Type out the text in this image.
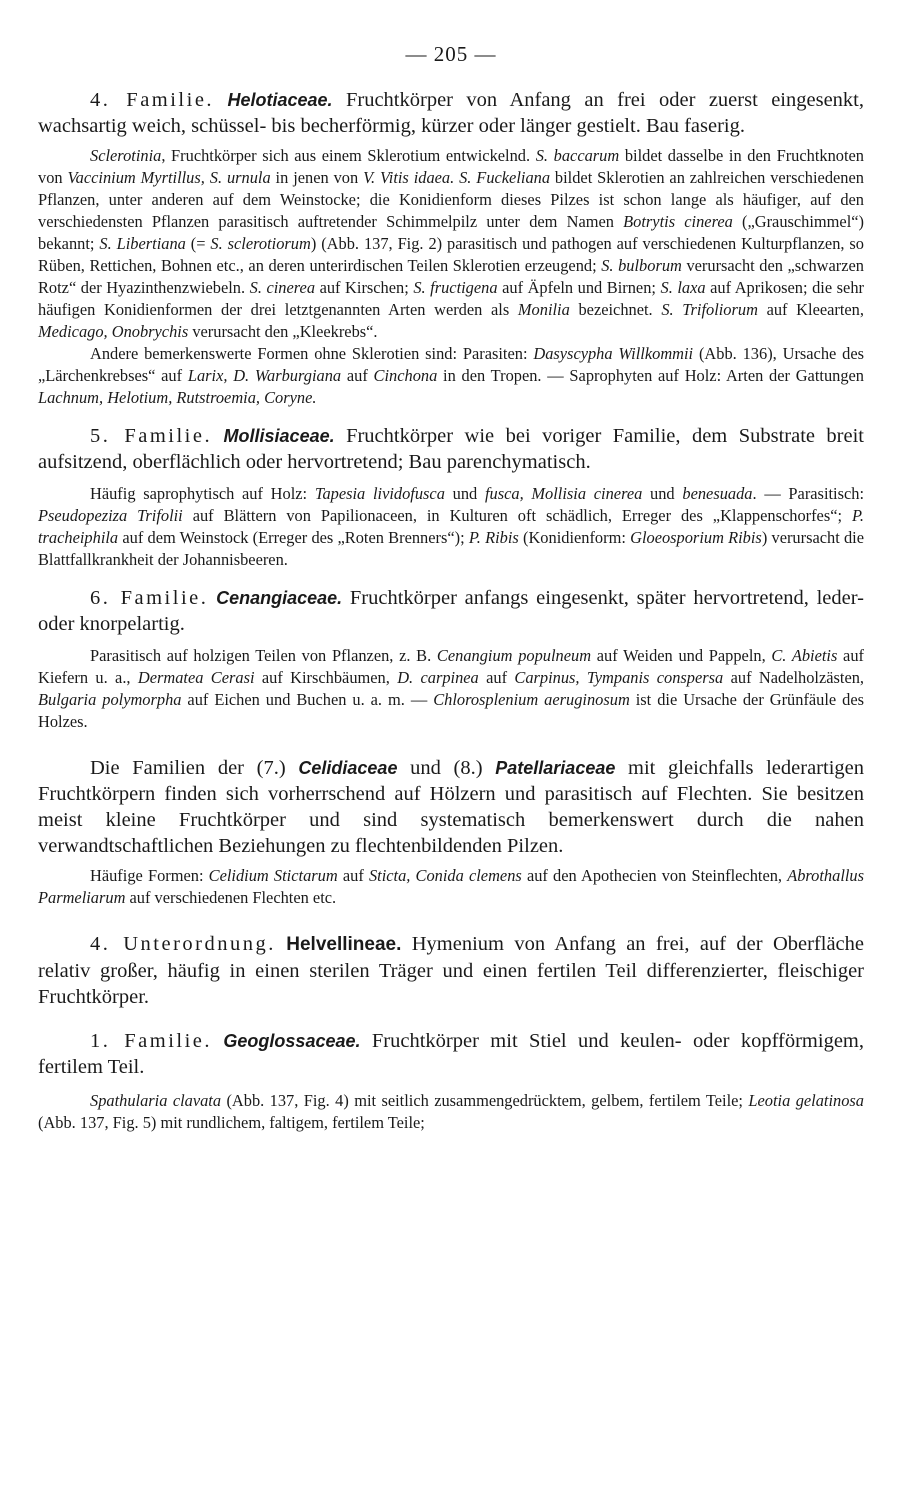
— 205 —

4. Familie. Helotiaceae. Fruchtkörper von Anfang an frei oder zuerst eingesenkt, wachsartig weich, schüssel- bis becherförmig, kürzer oder länger gestielt. Bau faserig.

Sclerotinia, Fruchtkörper sich aus einem Sklerotium entwickelnd. S. baccarum bildet dasselbe in den Fruchtknoten von Vaccinium Myrtillus, S. urnula in jenen von V. Vitis idaea. S. Fuckeliana bildet Sklerotien an zahlreichen verschiedenen Pflanzen, unter anderen auf dem Weinstocke; die Konidienform dieses Pilzes ist schon lange als häufiger, auf den verschiedensten Pflanzen parasitisch auftretender Schimmelpilz unter dem Namen Botrytis cinerea („Grauschimmel“) bekannt; S. Libertiana (= S. sclerotiorum) (Abb. 137, Fig. 2) parasitisch und pathogen auf verschiedenen Kulturpflanzen, so Rüben, Rettichen, Bohnen etc., an deren unterirdischen Teilen Sklerotien erzeugend; S. bulborum verursacht den „schwarzen Rotz“ der Hyazinthenzwiebeln. S. cinerea auf Kirschen; S. fructigena auf Äpfeln und Birnen; S. laxa auf Aprikosen; die sehr häufigen Konidienformen der drei letztgenannten Arten werden als Monilia bezeichnet. S. Trifoliorum auf Kleearten, Medicago, Onobrychis verursacht den „Kleekrebs“.

Andere bemerkenswerte Formen ohne Sklerotien sind: Parasiten: Dasyscypha Willkommii (Abb. 136), Ursache des „Lärchenkrebses“ auf Larix, D. Warburgiana auf Cinchona in den Tropen. — Saprophyten auf Holz: Arten der Gattungen Lachnum, Helotium, Rutstroemia, Coryne.

5. Familie. Mollisiaceae. Fruchtkörper wie bei voriger Familie, dem Substrate breit aufsitzend, oberflächlich oder hervortretend; Bau parenchymatisch.

Häufig saprophytisch auf Holz: Tapesia lividofusca und fusca, Mollisia cinerea und benesuada. — Parasitisch: Pseudopeziza Trifolii auf Blättern von Papilionaceen, in Kulturen oft schädlich, Erreger des „Klappenschorfes“; P. tracheiphila auf dem Weinstock (Erreger des „Roten Brenners“); P. Ribis (Konidienform: Gloeosporium Ribis) verursacht die Blattfallkrankheit der Johannisbeeren.

6. Familie. Cenangiaceae. Fruchtkörper anfangs eingesenkt, später hervortretend, leder- oder knorpelartig.

Parasitisch auf holzigen Teilen von Pflanzen, z. B. Cenangium populneum auf Weiden und Pappeln, C. Abietis auf Kiefern u. a., Dermatea Cerasi auf Kirschbäumen, D. carpinea auf Carpinus, Tympanis conspersa auf Nadelholzästen, Bulgaria polymorpha auf Eichen und Buchen u. a. m. — Chlorosplenium aeruginosum ist die Ursache der Grünfäule des Holzes.

Die Familien der (7.) Celidiaceae und (8.) Patellariaceae mit gleichfalls lederartigen Fruchtkörpern finden sich vorherrschend auf Hölzern und parasitisch auf Flechten. Sie besitzen meist kleine Fruchtkörper und sind systematisch bemerkenswert durch die nahen verwandtschaftlichen Beziehungen zu flechtenbildenden Pilzen.

Häufige Formen: Celidium Stictarum auf Sticta, Conida clemens auf den Apothecien von Steinflechten, Abrothallus Parmeliarum auf verschiedenen Flechten etc.

4. Unterordnung. Helvellineae. Hymenium von Anfang an frei, auf der Oberfläche relativ großer, häufig in einen sterilen Träger und einen fertilen Teil differenzierter, fleischiger Fruchtkörper.

1. Familie. Geoglossaceae. Fruchtkörper mit Stiel und keulen- oder kopfförmigem, fertilem Teil.

Spathularia clavata (Abb. 137, Fig. 4) mit seitlich zusammengedrücktem, gelbem, fertilem Teile; Leotia gelatinosa (Abb. 137, Fig. 5) mit rundlichem, faltigem, fertilem Teile;
